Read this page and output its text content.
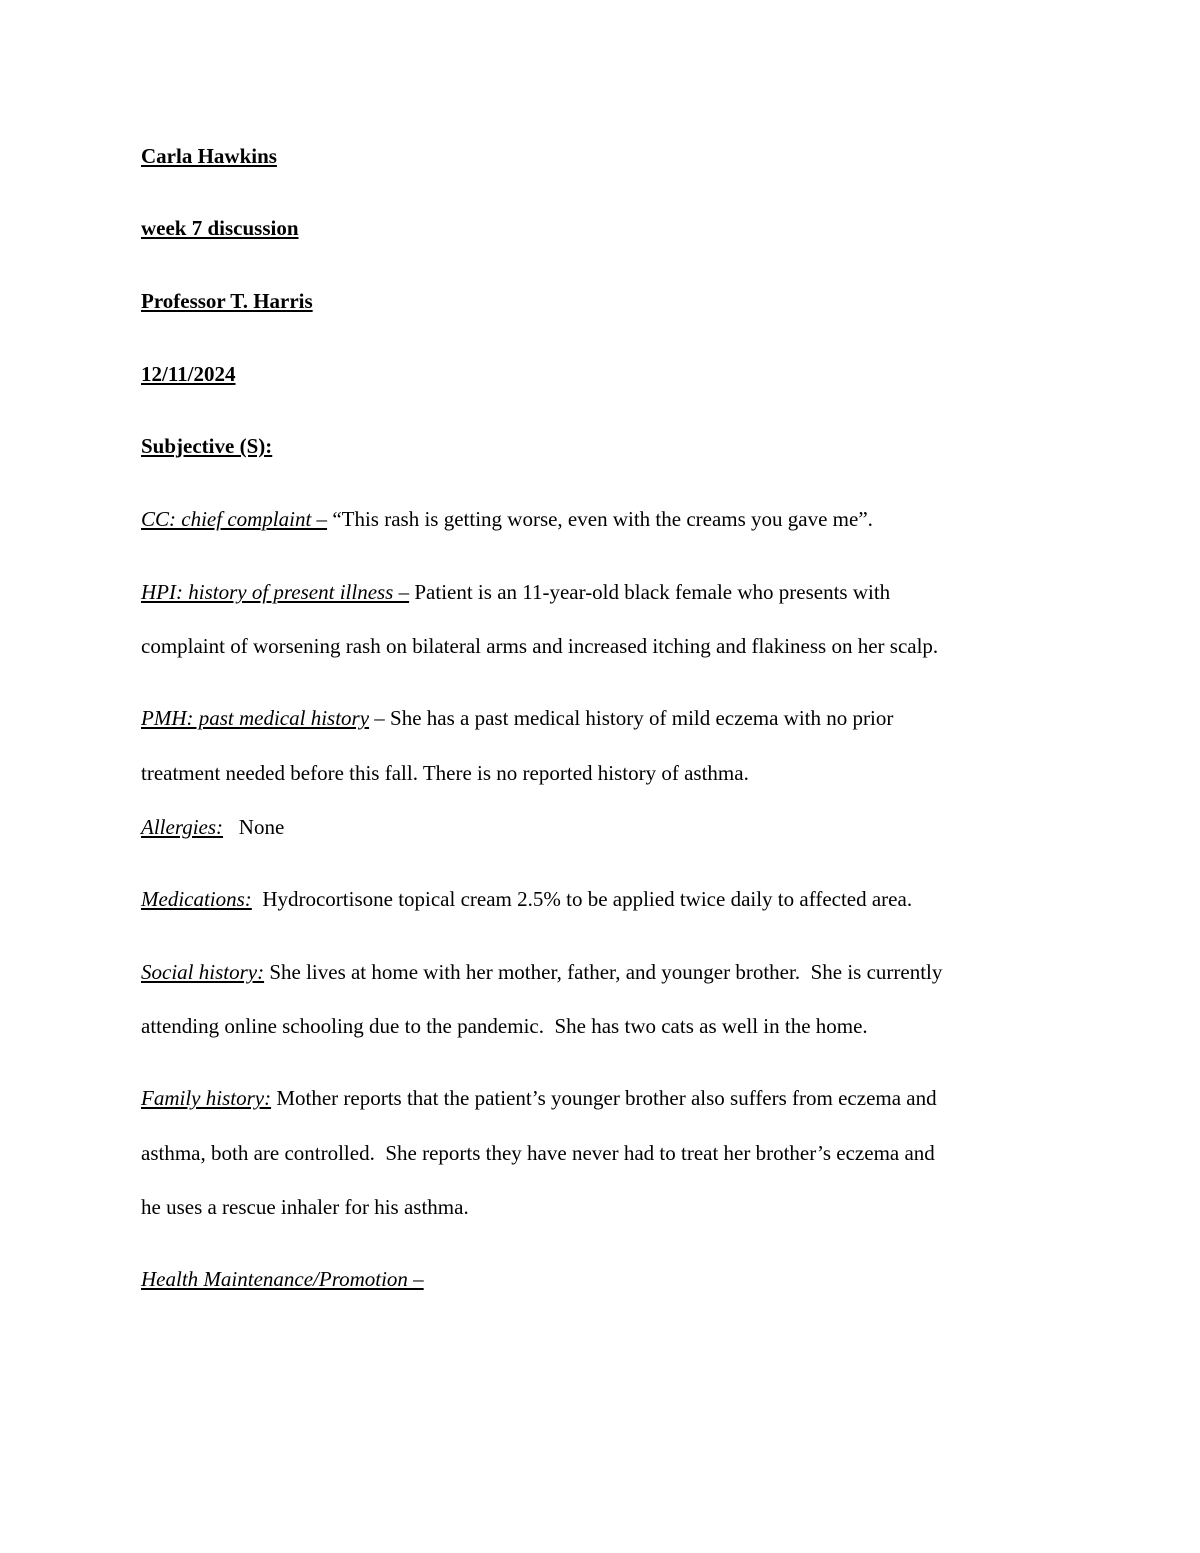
Carla Hawkins
week 7 discussion
Professor T. Harris
12/11/2024
Subjective (S):
CC: chief complaint – “This rash is getting worse, even with the creams you gave me”.
HPI: history of present illness – Patient is an 11-year-old black female who presents with
complaint of worsening rash on bilateral arms and increased itching and flakiness on her scalp.
PMH: past medical history – She has a past medical history of mild eczema with no prior
treatment needed before this fall. There is no reported history of asthma.
Allergies:   None
Medications:  Hydrocortisone topical cream 2.5% to be applied twice daily to affected area.
Social history: She lives at home with her mother, father, and younger brother.  She is currently
attending online schooling due to the pandemic.  She has two cats as well in the home.
Family history: Mother reports that the patient’s younger brother also suffers from eczema and
asthma, both are controlled.  She reports they have never had to treat her brother’s eczema and
he uses a rescue inhaler for his asthma.
Health Maintenance/Promotion –
